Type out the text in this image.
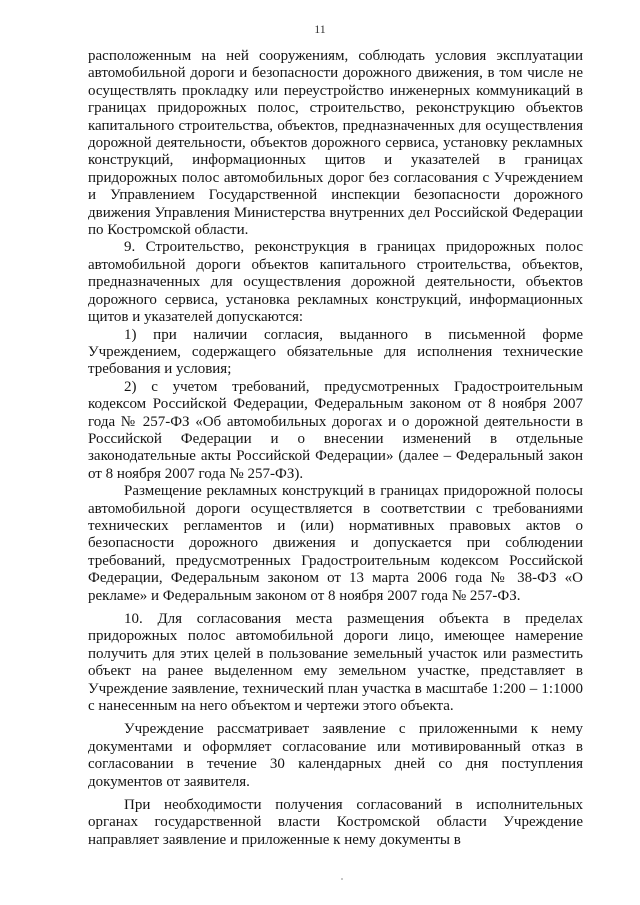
11

расположенным на ней сооружениям, соблюдать условия эксплуатации автомобильной дороги и безопасности дорожного движения, в том числе не осуществлять прокладку или переустройство инженерных коммуникаций в границах придорожных полос, строительство, реконструкцию объектов капитального строительства, объектов, предназначенных для осуществления дорожной деятельности, объектов дорожного сервиса, установку рекламных конструкций, информационных щитов и указателей в границах придорожных полос автомобильных дорог без согласования с Учреждением и Управлением Государственной инспекции безопасности дорожного движения Управления Министерства внутренних дел Российской Федерации по Костромской области.

9. Строительство, реконструкция в границах придорожных полос автомобильной дороги объектов капитального строительства, объектов, предназначенных для осуществления дорожной деятельности, объектов дорожного сервиса, установка рекламных конструкций, информационных щитов и указателей допускаются:

1) при наличии согласия, выданного в письменной форме Учреждением, содержащего обязательные для исполнения технические требования и условия;

2) с учетом требований, предусмотренных Градостроительным кодексом Российской Федерации, Федеральным законом от 8 ноября 2007 года № 257-ФЗ «Об автомобильных дорогах и о дорожной деятельности в Российской Федерации и о внесении изменений в отдельные законодательные акты Российской Федерации» (далее – Федеральный закон от 8 ноября 2007 года № 257-ФЗ).

Размещение рекламных конструкций в границах придорожной полосы автомобильной дороги осуществляется в соответствии с требованиями технических регламентов и (или) нормативных правовых актов о безопасности дорожного движения и допускается при соблюдении требований, предусмотренных Градостроительным кодексом Российской Федерации, Федеральным законом от 13 марта 2006 года № 38-ФЗ «О рекламе» и Федеральным законом от 8 ноября 2007 года № 257-ФЗ.

10. Для согласования места размещения объекта в пределах придорожных полос автомобильной дороги лицо, имеющее намерение получить для этих целей в пользование земельный участок или разместить объект на ранее выделенном ему земельном участке, представляет в Учреждение заявление, технический план участка в масштабе 1:200 – 1:1000 с нанесенным на него объектом и чертежи этого объекта.

Учреждение рассматривает заявление с приложенными к нему документами и оформляет согласование или мотивированный отказ в согласовании в течение 30 календарных дней со дня поступления документов от заявителя.

При необходимости получения согласований в исполнительных органах государственной власти Костромской области Учреждение направляет заявление и приложенные к нему документы в
